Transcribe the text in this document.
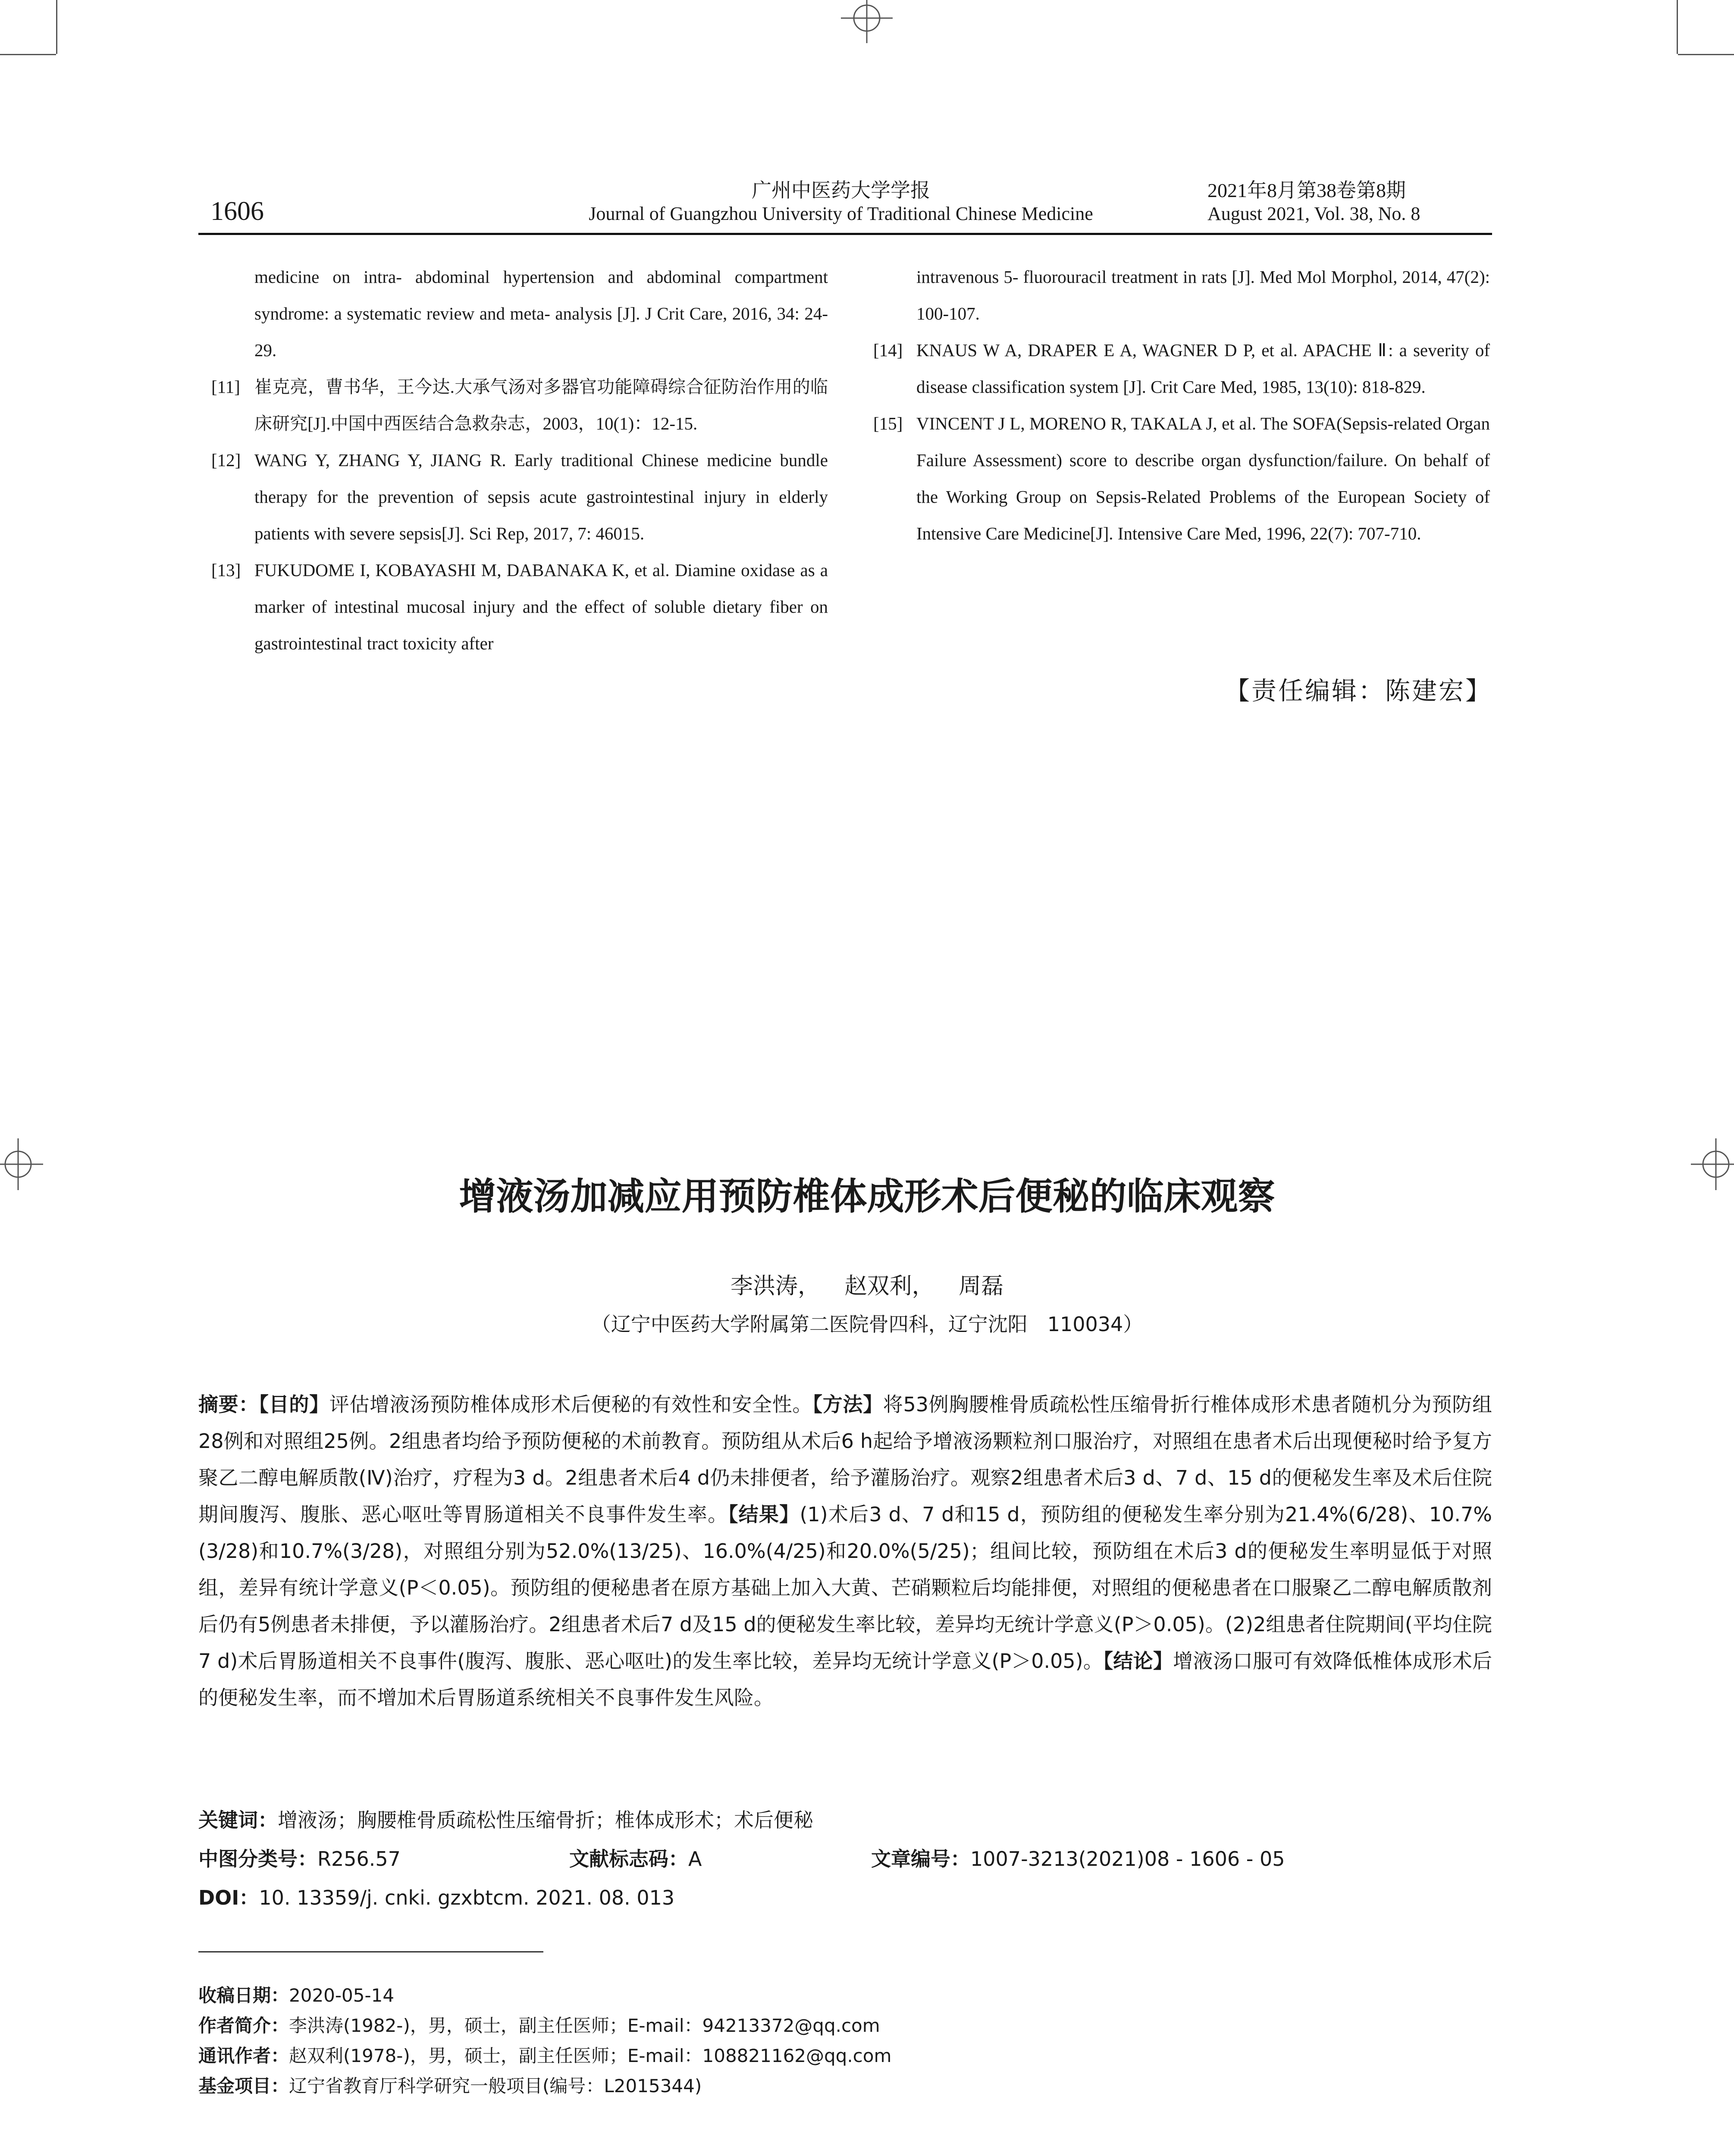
1606
广州中医药大学学报
Journal of Guangzhou University of Traditional Chinese Medicine
2021年8月第38卷第8期
August 2021, Vol. 38, No. 8
medicine on intra- abdominal hypertension and abdominal compartment syndrome: a systematic review and meta- analysis [J]. J Crit Care, 2016, 34: 24-29.
[11] 崔克亮，曹书华，王今达.大承气汤对多器官功能障碍综合征防治作用的临床研究[J].中国中西医结合急救杂志，2003，10(1)：12-15.
[12] WANG Y, ZHANG Y, JIANG R. Early traditional Chinese medicine bundle therapy for the prevention of sepsis acute gastrointestinal injury in elderly patients with severe sepsis[J]. Sci Rep, 2017, 7: 46015.
[13] FUKUDOME I, KOBAYASHI M, DABANAKA K, et al. Diamine oxidase as a marker of intestinal mucosal injury and the effect of soluble dietary fiber on gastrointestinal tract toxicity after
intravenous 5- fluorouracil treatment in rats [J]. Med Mol Morphol, 2014, 47(2): 100-107.
[14] KNAUS W A, DRAPER E A, WAGNER D P, et al. APACHE Ⅱ: a severity of disease classification system [J]. Crit Care Med, 1985, 13(10): 818-829.
[15] VINCENT J L, MORENO R, TAKALA J, et al. The SOFA(Sepsis-related Organ Failure Assessment) score to describe organ dysfunction/failure. On behalf of the Working Group on Sepsis-Related Problems of the European Society of Intensive Care Medicine[J]. Intensive Care Med, 1996, 22(7): 707-710.
【责任编辑：陈建宏】
增液汤加减应用预防椎体成形术后便秘的临床观察
李洪涛， 赵双利， 周磊
（辽宁中医药大学附属第二医院骨四科，辽宁沈阳　110034）
摘要：【目的】评估增液汤预防椎体成形术后便秘的有效性和安全性。【方法】将53例胸腰椎骨质疏松性压缩骨折行椎体成形术患者随机分为预防组28例和对照组25例。2组患者均给予预防便秘的术前教育。预防组从术后6 h起给予增液汤颗粒剂口服治疗，对照组在患者术后出现便秘时给予复方聚乙二醇电解质散(Ⅳ)治疗，疗程为3 d。2组患者术后4 d仍未排便者，给予灌肠治疗。观察2组患者术后3 d、7 d、15 d的便秘发生率及术后住院期间腹泻、腹胀、恶心呕吐等胃肠道相关不良事件发生率。【结果】(1)术后3 d、7 d和15 d，预防组的便秘发生率分别为21.4%(6/28)、10.7%(3/28)和10.7%(3/28)，对照组分别为52.0%(13/25)、16.0%(4/25)和20.0%(5/25)；组间比较，预防组在术后3 d的便秘发生率明显低于对照组，差异有统计学意义(P＜0.05)。预防组的便秘患者在原方基础上加入大黄、芒硝颗粒后均能排便，对照组的便秘患者在口服聚乙二醇电解质散剂后仍有5例患者未排便，予以灌肠治疗。2组患者术后7 d及15 d的便秘发生率比较，差异均无统计学意义(P＞0.05)。(2)2组患者住院期间(平均住院7 d)术后胃肠道相关不良事件(腹泻、腹胀、恶心呕吐)的发生率比较，差异均无统计学意义(P＞0.05)。【结论】增液汤口服可有效降低椎体成形术后的便秘发生率，而不增加术后胃肠道系统相关不良事件发生风险。
关键词：增液汤；胸腰椎骨质疏松性压缩骨折；椎体成形术；术后便秘
中图分类号：R256.57	文献标志码：A	文章编号：1007-3213(2021)08 - 1606 - 05
DOI：10. 13359/j. cnki. gzxbtcm. 2021. 08. 013
收稿日期：2020-05-14
作者简介：李洪涛(1982-)，男，硕士，副主任医师；E-mail：94213372@qq.com
通讯作者：赵双利(1978-)，男，硕士，副主任医师；E-mail：108821162@qq.com
基金项目：辽宁省教育厅科学研究一般项目(编号：L2015344)
